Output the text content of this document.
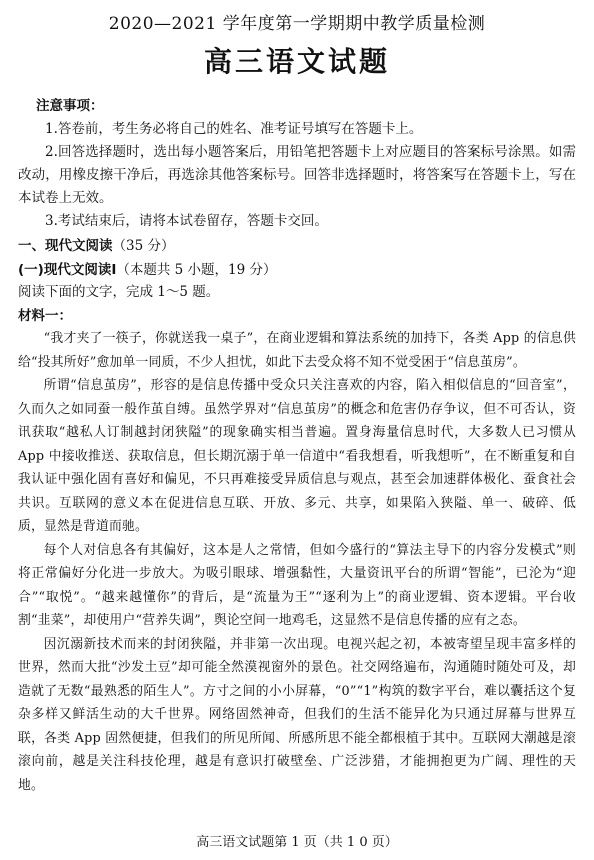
2020—2021 学年度第一学期期中教学质量检测
高三语文试题
注意事项：
1.答卷前，考生务必将自己的姓名、准考证号填写在答题卡上。
2.回答选择题时，选出每小题答案后，用铅笔把答题卡上对应题目的答案标号涂黑。如需改动，用橡皮擦干净后，再选涂其他答案标号。回答非选择题时，将答案写在答题卡上，写在本试卷上无效。
3.考试结束后，请将本试卷留存，答题卡交回。
一、现代文阅读（35 分）
(一)现代文阅读Ⅰ（本题共 5 小题，19 分）
阅读下面的文字，完成 1～5 题。
材料一：
“我才夹了一筷子，你就送我一桌子”，在商业逻辑和算法系统的加持下，各类 App 的信息供给“投其所好”愈加单一同质，不少人担忧，如此下去受众将不知不觉受困于“信息茧房”。
所谓“信息茧房”，形容的是信息传播中受众只关注喜欢的内容，陷入相似信息的“回音室”，久而久之如同蚕一般作茧自缚。虽然学界对“信息茧房”的概念和危害仍存争议，但不可否认，资讯获取“越私人订制越封闭狭隘”的现象确实相当普遍。置身海量信息时代，大多数人已习惯从 App 中接收推送、获取信息，但长期沉溺于单一信道中“看我想看，听我想听”，在不断重复和自我认证中强化固有喜好和偏见，不只再难接受异质信息与观点，甚至会加速群体极化、蚕食社会共识。互联网的意义本在促进信息互联、开放、多元、共享，如果陷入狭隘、单一、破碎、低质，显然是背道而驰。
每个人对信息各有其偏好，这本是人之常情，但如今盛行的“算法主导下的内容分发模式”则将正常偏好分化进一步放大。为吸引眼球、增强黏性，大量资讯平台的所谓“智能”，已沦为“迎合”“取悦”。“越来越懂你”的背后，是“流量为王”“逐利为上”的商业逻辑、资本逻辑。平台收割“韭菜”，却使用户“营养失调”，舆论空间一地鸡毛，这显然不是信息传播的应有之态。
因沉溺新技术而来的封闭狭隘，并非第一次出现。电视兴起之初，本被寄望呈现丰富多样的世界，然而大批“沙发土豆”却可能全然漠视窗外的景色。社交网络遍布，沟通随时随处可及，却造就了无数“最熟悉的陌生人”。方寸之间的小小屏幕，“0”“1”构筑的数字平台，难以囊括这个复杂多样又鲜活生动的大千世界。网络固然神奇，但我们的生活不能异化为只通过屏幕与世界互联，各类 App 固然便捷，但我们的所见所闻、所感所思不能全都根植于其中。互联网大潮越是滚滚向前，越是关注科技伦理，越是有意识打破壁垒、广泛涉猎，才能拥抱更为广阔、理性的天地。
高三语文试题第 1 页（共 1 0 页）
